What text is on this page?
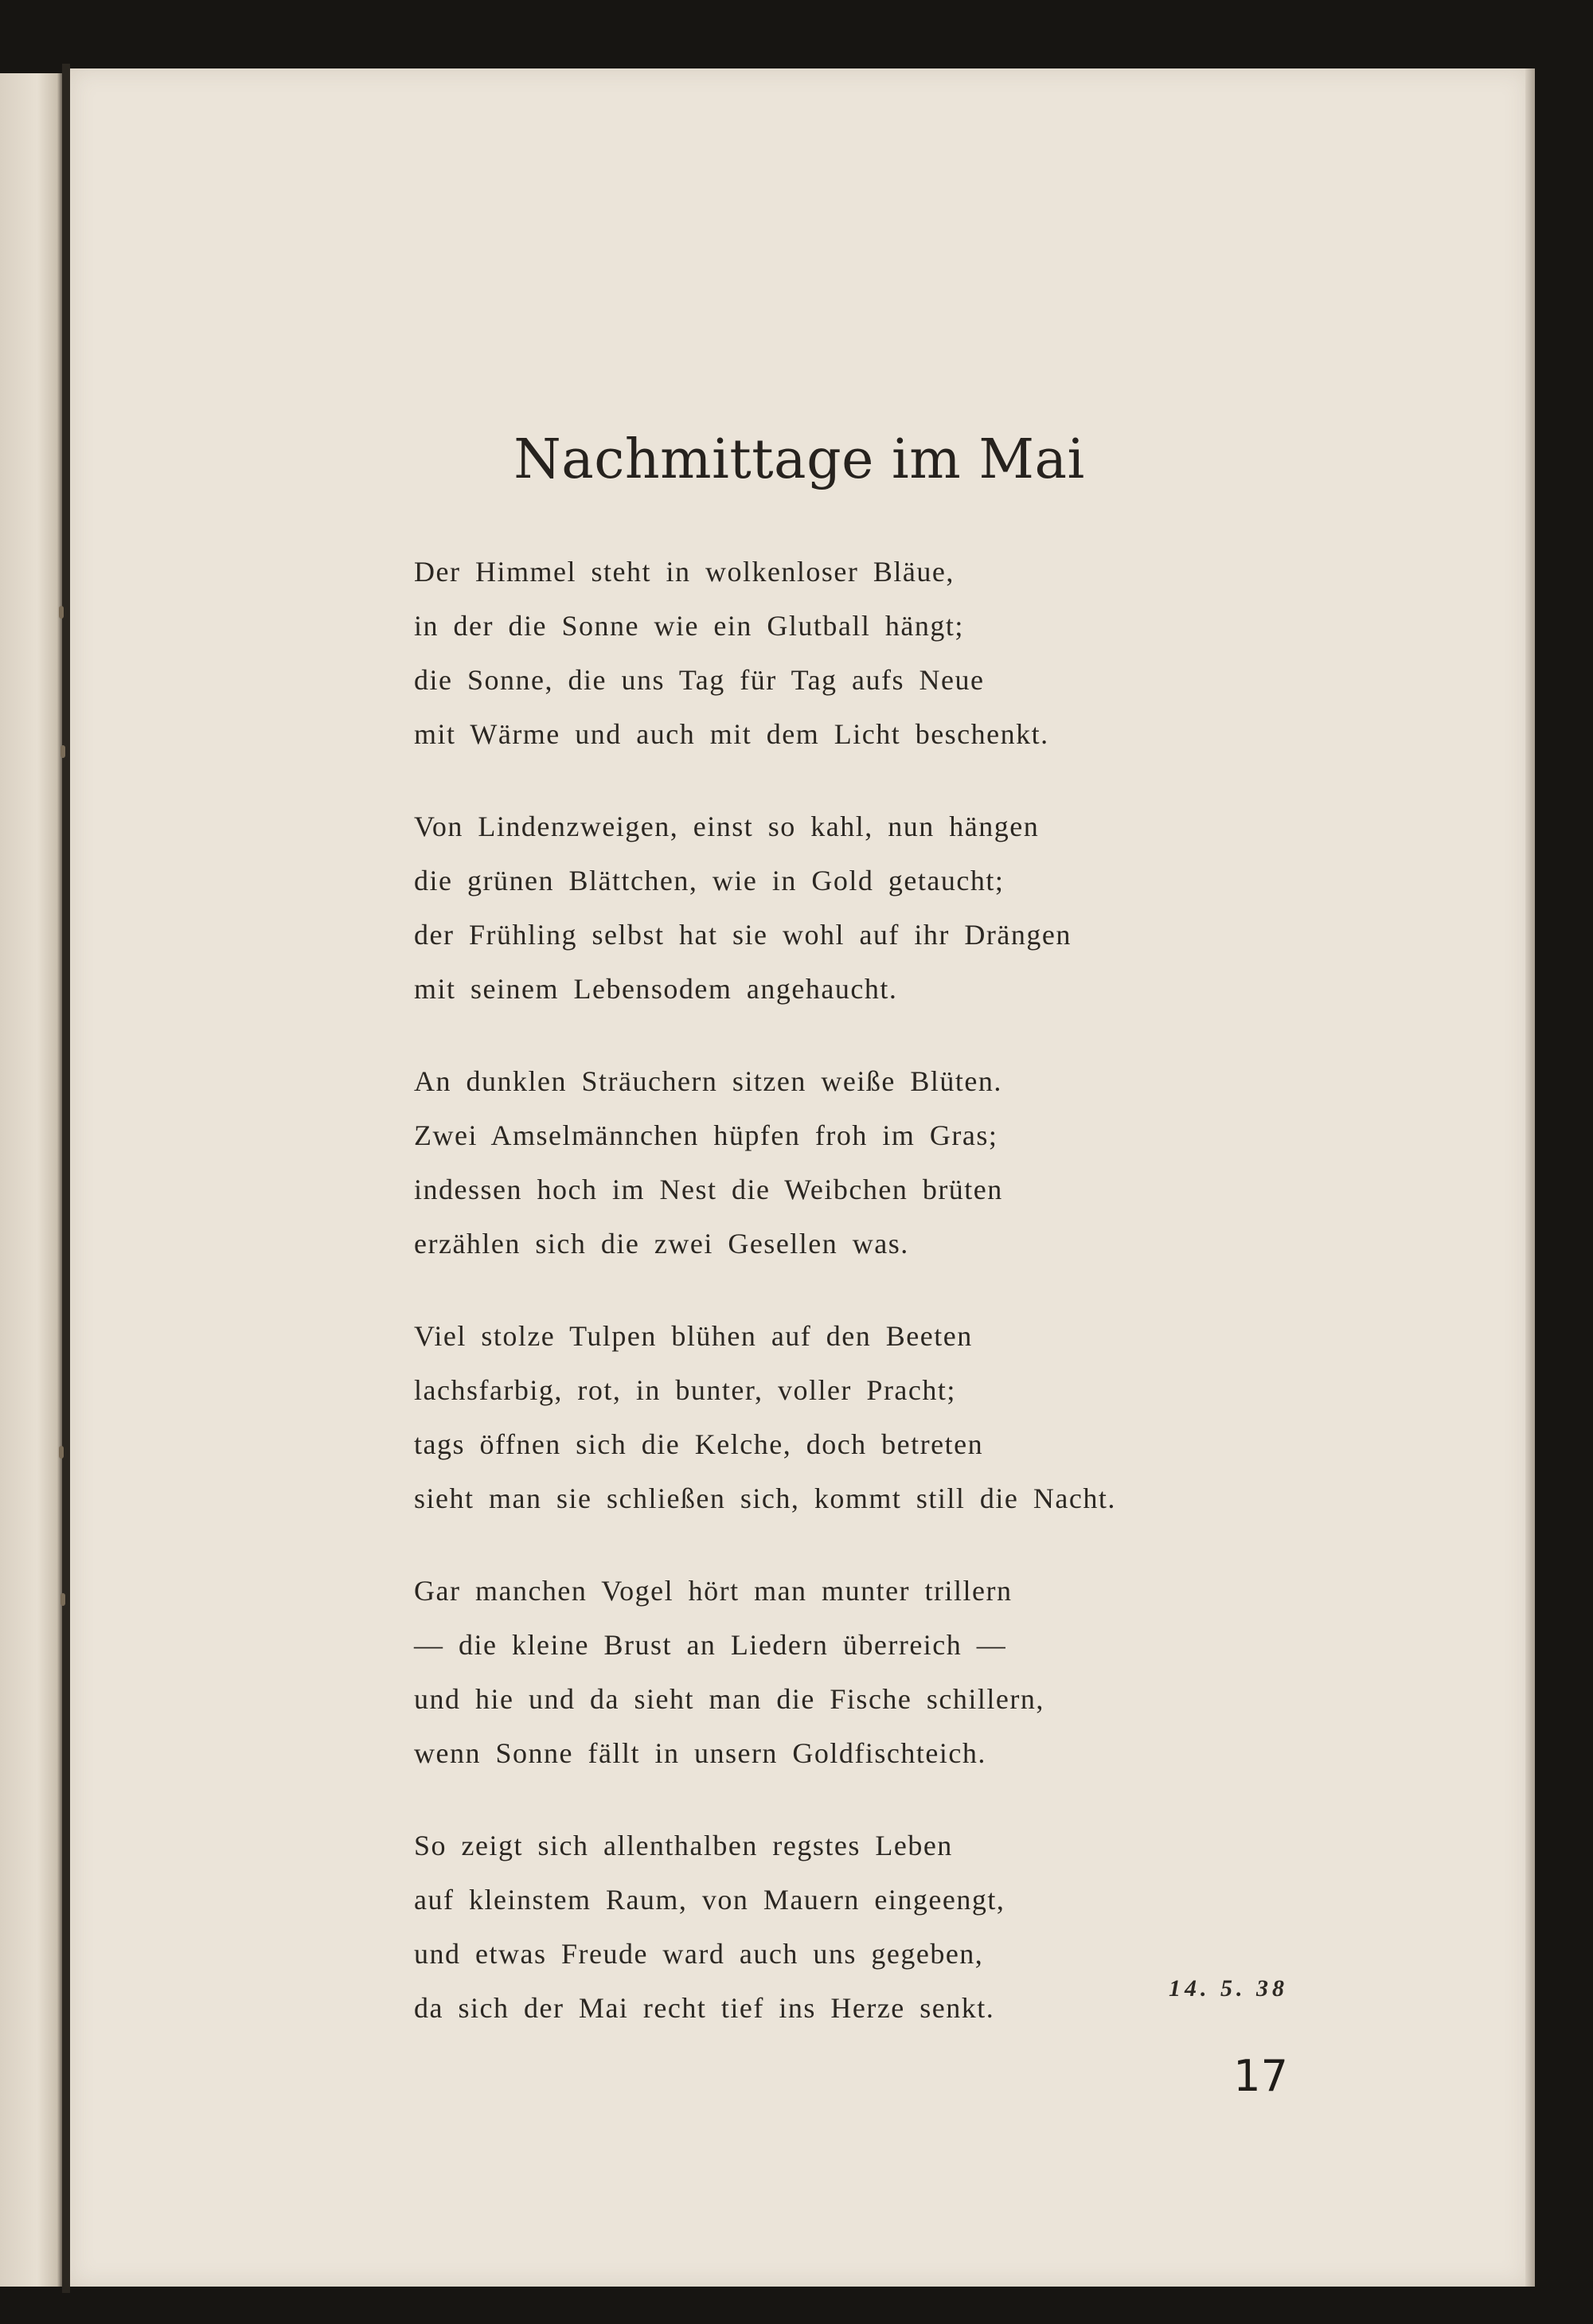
Nachmittage im Mai
Der Himmel steht in wolkenloser Bläue,
in der die Sonne wie ein Glutball hängt;
die Sonne, die uns Tag für Tag aufs Neue
mit Wärme und auch mit dem Licht beschenkt.
Von Lindenzweigen, einst so kahl, nun hängen
die grünen Blättchen, wie in Gold getaucht;
der Frühling selbst hat sie wohl auf ihr Drängen
mit seinem Lebensodem angehaucht.
An dunklen Sträuchern sitzen weiße Blüten.
Zwei Amselmännchen hüpfen froh im Gras;
indessen hoch im Nest die Weibchen brüten
erzählen sich die zwei Gesellen was.
Viel stolze Tulpen blühen auf den Beeten
lachsfarbig, rot, in bunter, voller Pracht;
tags öffnen sich die Kelche, doch betreten
sieht man sie schließen sich, kommt still die Nacht.
Gar manchen Vogel hört man munter trillern
— die kleine Brust an Liedern überreich —
und hie und da sieht man die Fische schillern,
wenn Sonne fällt in unsern Goldfischteich.
So zeigt sich allenthalben regstes Leben
auf kleinstem Raum, von Mauern eingeengt,
und etwas Freude ward auch uns gegeben,
da sich der Mai recht tief ins Herze senkt.
14. 5. 38
17
